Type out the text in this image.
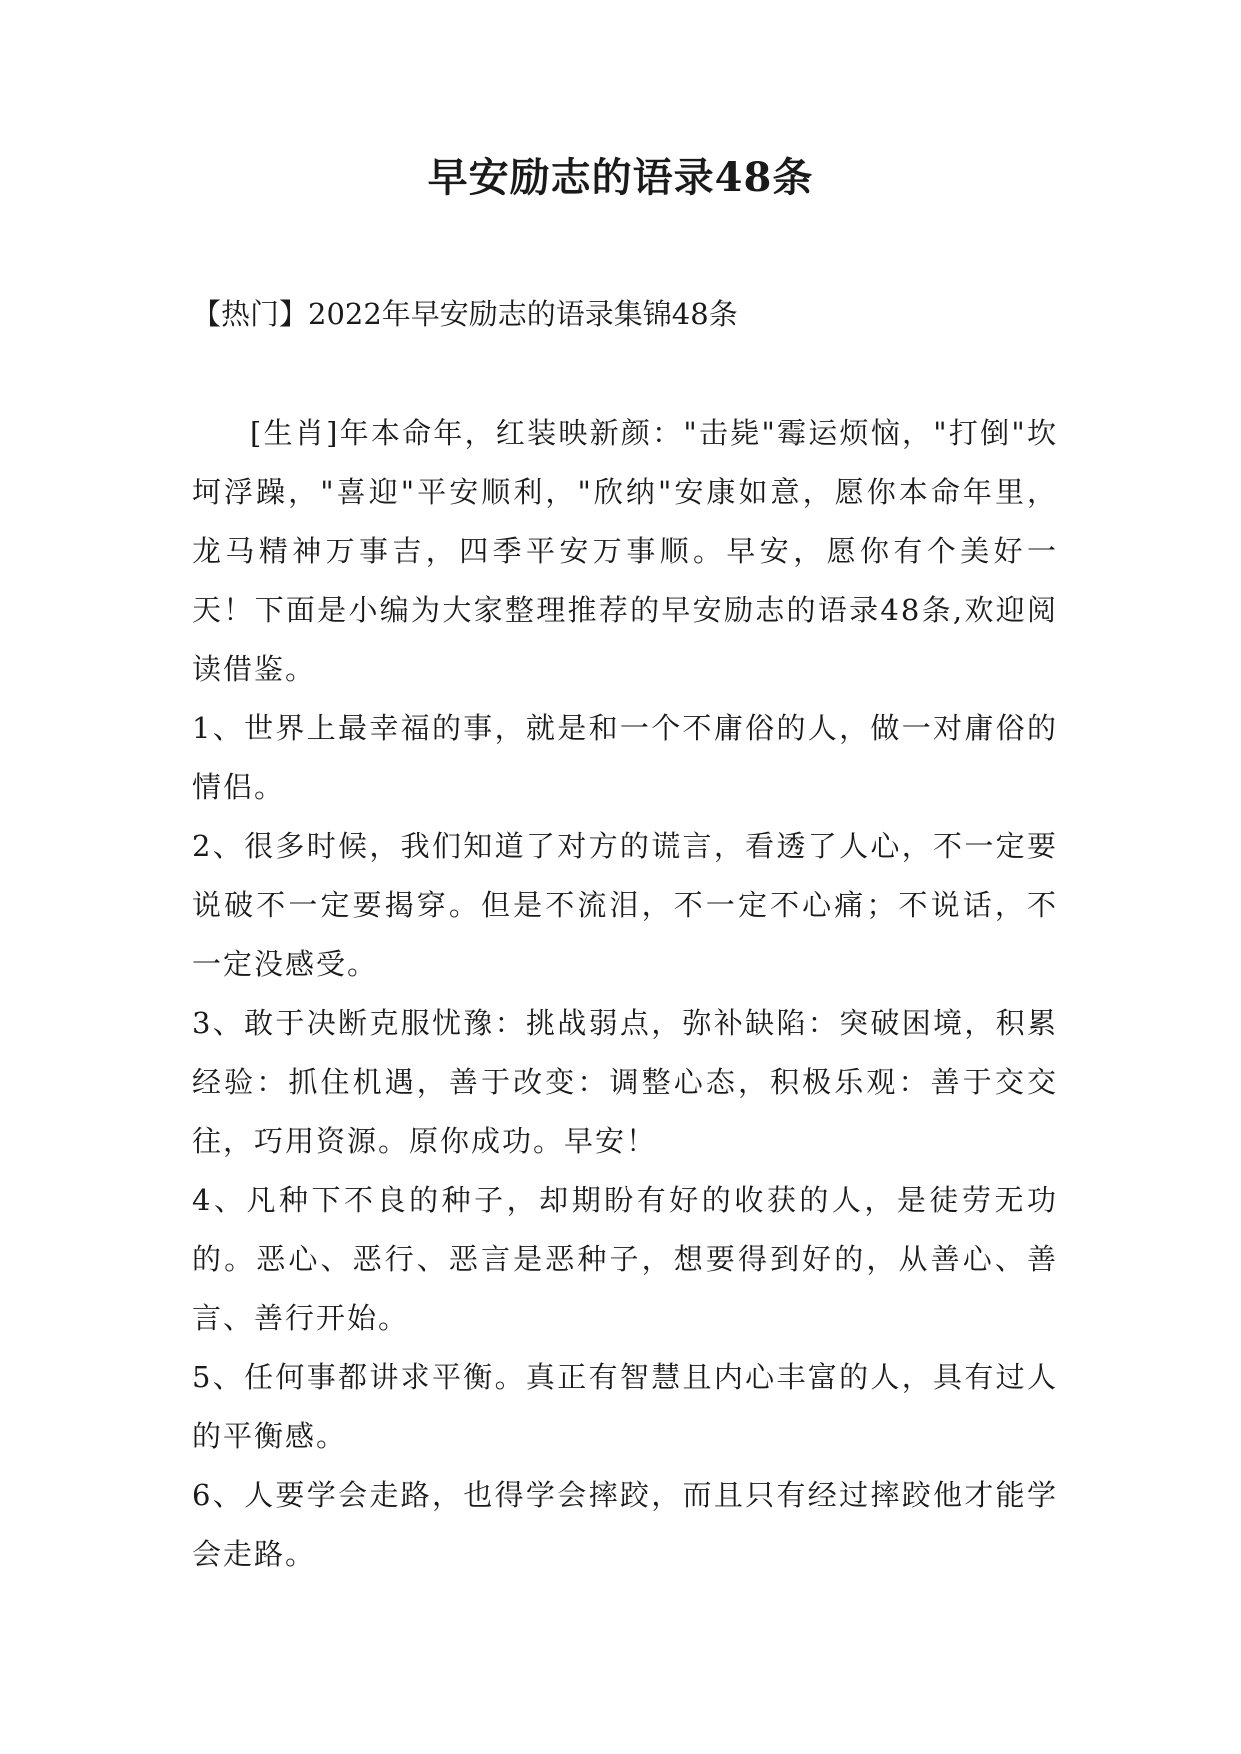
早安励志的语录48条

【热门】2022年早安励志的语录集锦48条

[生肖]年本命年，红装映新颜："击毙"霉运烦恼，"打倒"坎坷浮躁，"喜迎"平安顺利，"欣纳"安康如意，愿你本命年里，龙马精神万事吉，四季平安万事顺。早安，愿你有个美好一天！下面是小编为大家整理推荐的早安励志的语录48条,欢迎阅读借鉴。

1、世界上最幸福的事，就是和一个不庸俗的人，做一对庸俗的情侣。

2、很多时候，我们知道了对方的谎言，看透了人心，不一定要说破不一定要揭穿。但是不流泪，不一定不心痛；不说话，不一定没感受。

3、敢于决断克服忧豫：挑战弱点，弥补缺陷：突破困境，积累经验：抓住机遇，善于改变：调整心态，积极乐观：善于交交往，巧用资源。原你成功。早安！

4、凡种下不良的种子，却期盼有好的收获的人，是徒劳无功的。恶心、恶行、恶言是恶种子，想要得到好的，从善心、善言、善行开始。

5、任何事都讲求平衡。真正有智慧且内心丰富的人，具有过人的平衡感。

6、人要学会走路，也得学会摔跤，而且只有经过摔跤他才能学会走路。
